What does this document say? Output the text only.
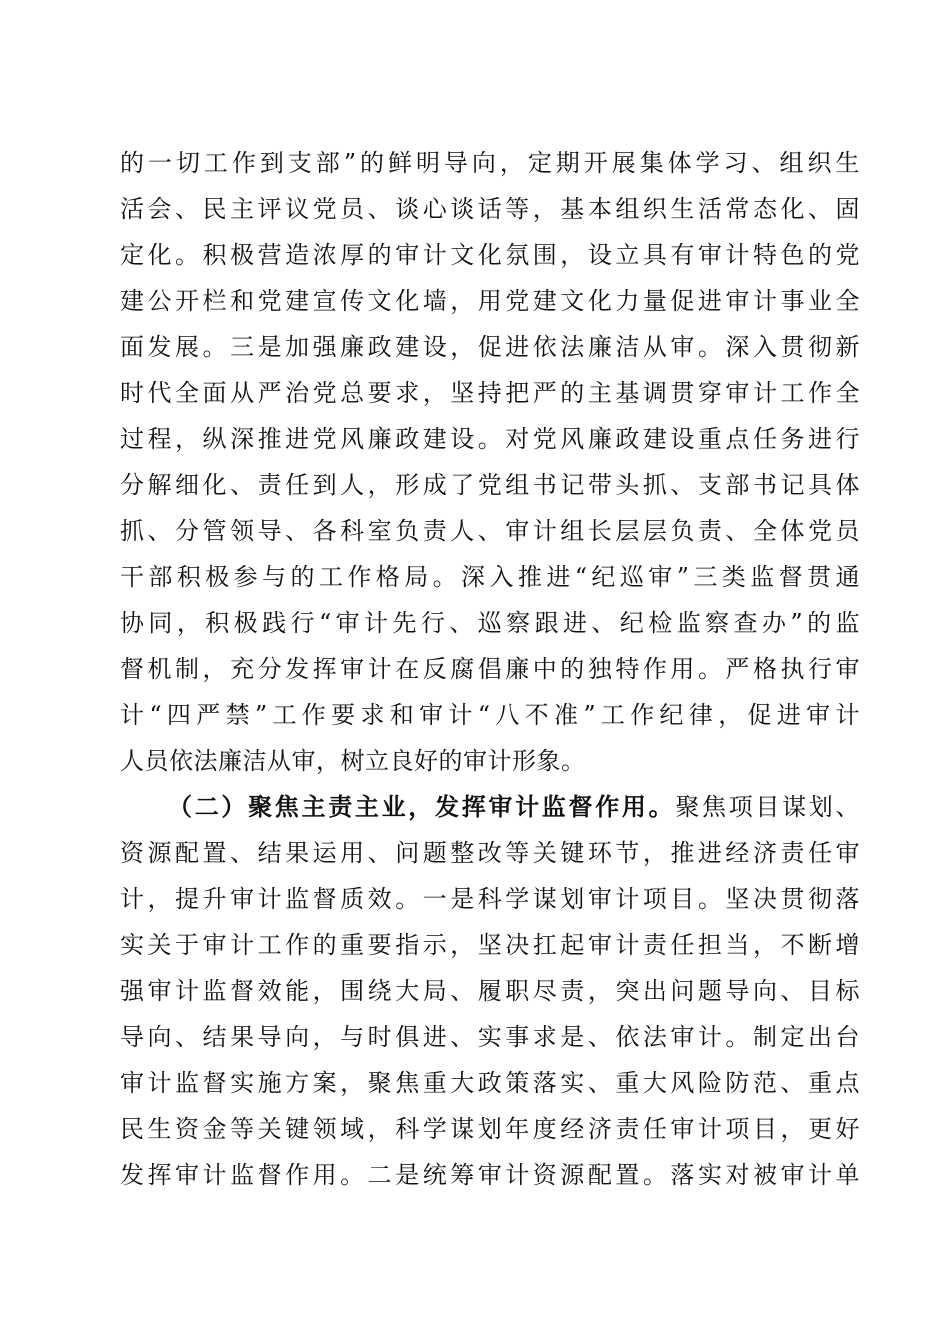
的一切工作到支部”的鲜明导向，定期开展集体学习、组织生
活会、民主评议党员、谈心谈话等，基本组织生活常态化、固
定化。积极营造浓厚的审计文化氛围，设立具有审计特色的党
建公开栏和党建宣传文化墙，用党建文化力量促进审计事业全
面发展。三是加强廉政建设，促进依法廉洁从审。深入贯彻新
时代全面从严治党总要求，坚持把严的主基调贯穿审计工作全
过程，纵深推进党风廉政建设。对党风廉政建设重点任务进行
分解细化、责任到人，形成了党组书记带头抓、支部书记具体
抓、分管领导、各科室负责人、审计组长层层负责、全体党员
干部积极参与的工作格局。深入推进“纪巡审”三类监督贯通
协同，积极践行“审计先行、巡察跟进、纪检监察查办”的监
督机制，充分发挥审计在反腐倡廉中的独特作用。严格执行审
计“四严禁”工作要求和审计“八不准”工作纪律，促进审计
人员依法廉洁从审，树立良好的审计形象。
（二）聚焦主责主业，发挥审计监督作用。聚焦项目谋划、
资源配置、结果运用、问题整改等关键环节，推进经济责任审
计，提升审计监督质效。一是科学谋划审计项目。坚决贯彻落
实关于审计工作的重要指示，坚决扛起审计责任担当，不断增
强审计监督效能，围绕大局、履职尽责，突出问题导向、目标
导向、结果导向，与时俱进、实事求是、依法审计。制定出台
审计监督实施方案，聚焦重大政策落实、重大风险防范、重点
民生资金等关键领域，科学谋划年度经济责任审计项目，更好
发挥审计监督作用。二是统筹审计资源配置。落实对被审计单
